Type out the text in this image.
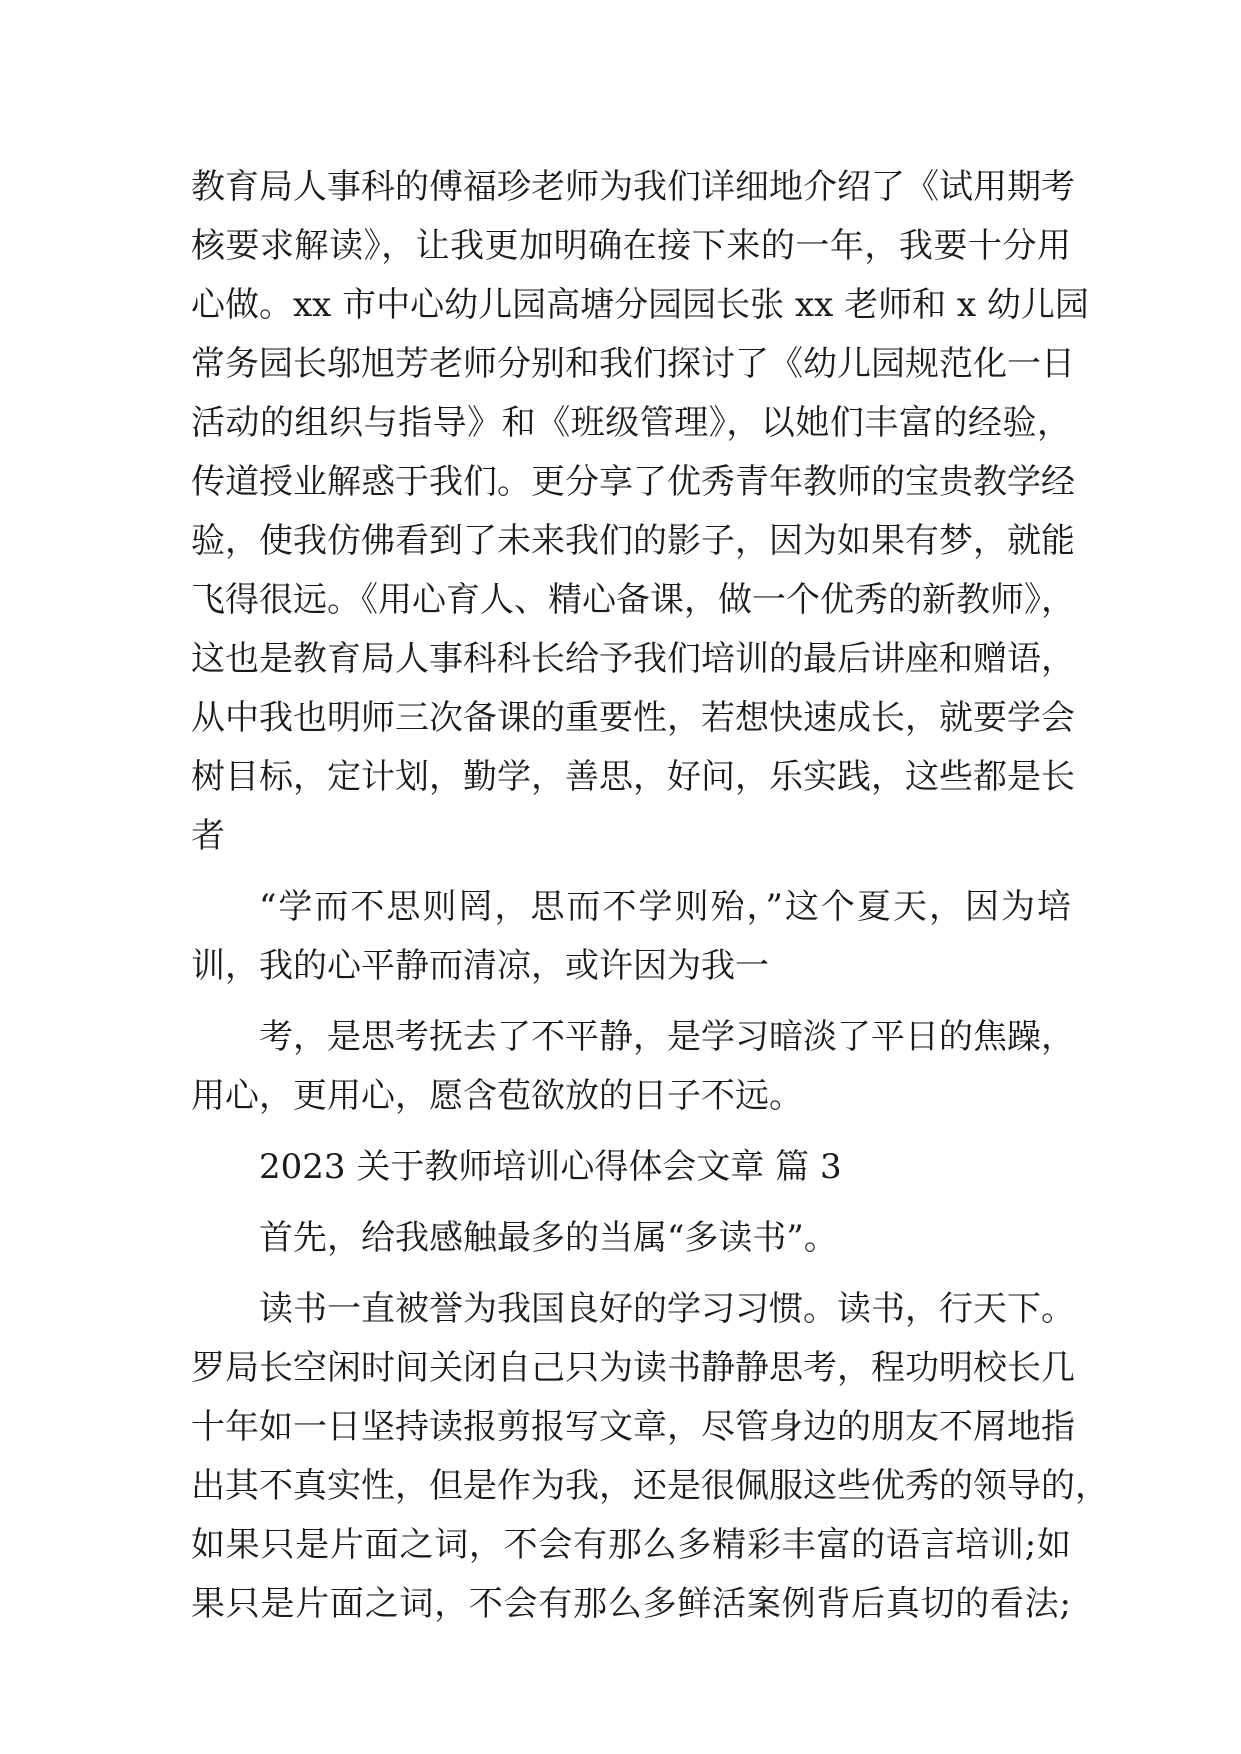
教育局人事科的傅福珍老师为我们详细地介绍了《试用期考
核要求解读》，让我更加明确在接下来的一年，我要十分用
心做。xx 市中心幼儿园高塘分园园长张 xx 老师和 x 幼儿园
常务园长邬旭芳老师分别和我们探讨了《幼儿园规范化一日
活动的组织与指导》和《班级管理》，以她们丰富的经验，
传道授业解惑于我们。更分享了优秀青年教师的宝贵教学经
验，使我仿佛看到了未来我们的影子，因为如果有梦，就能
飞得很远。《用心育人、精心备课，做一个优秀的新教师》，
这也是教育局人事科科长给予我们培训的最后讲座和赠语，
从中我也明师三次备课的重要性，若想快速成长，就要学会
树目标，定计划，勤学，善思，好问，乐实践，这些都是长
者
“学而不思则罔，思而不学则殆，”这个夏天，因为培
训，我的心平静而清凉，或许因为我一
考，是思考抚去了不平静，是学习暗淡了平日的焦躁，
用心，更用心，愿含苞欲放的日子不远。
2023 关于教师培训心得体会文章 篇 3
首先，给我感触最多的当属“多读书”。
读书一直被誉为我国良好的学习习惯。读书，行天下。
罗局长空闲时间关闭自己只为读书静静思考，程功明校长几
十年如一日坚持读报剪报写文章，尽管身边的朋友不屑地指
出其不真实性，但是作为我，还是很佩服这些优秀的领导的，
如果只是片面之词，不会有那么多精彩丰富的语言培训;如
果只是片面之词，不会有那么多鲜活案例背后真切的看法;
